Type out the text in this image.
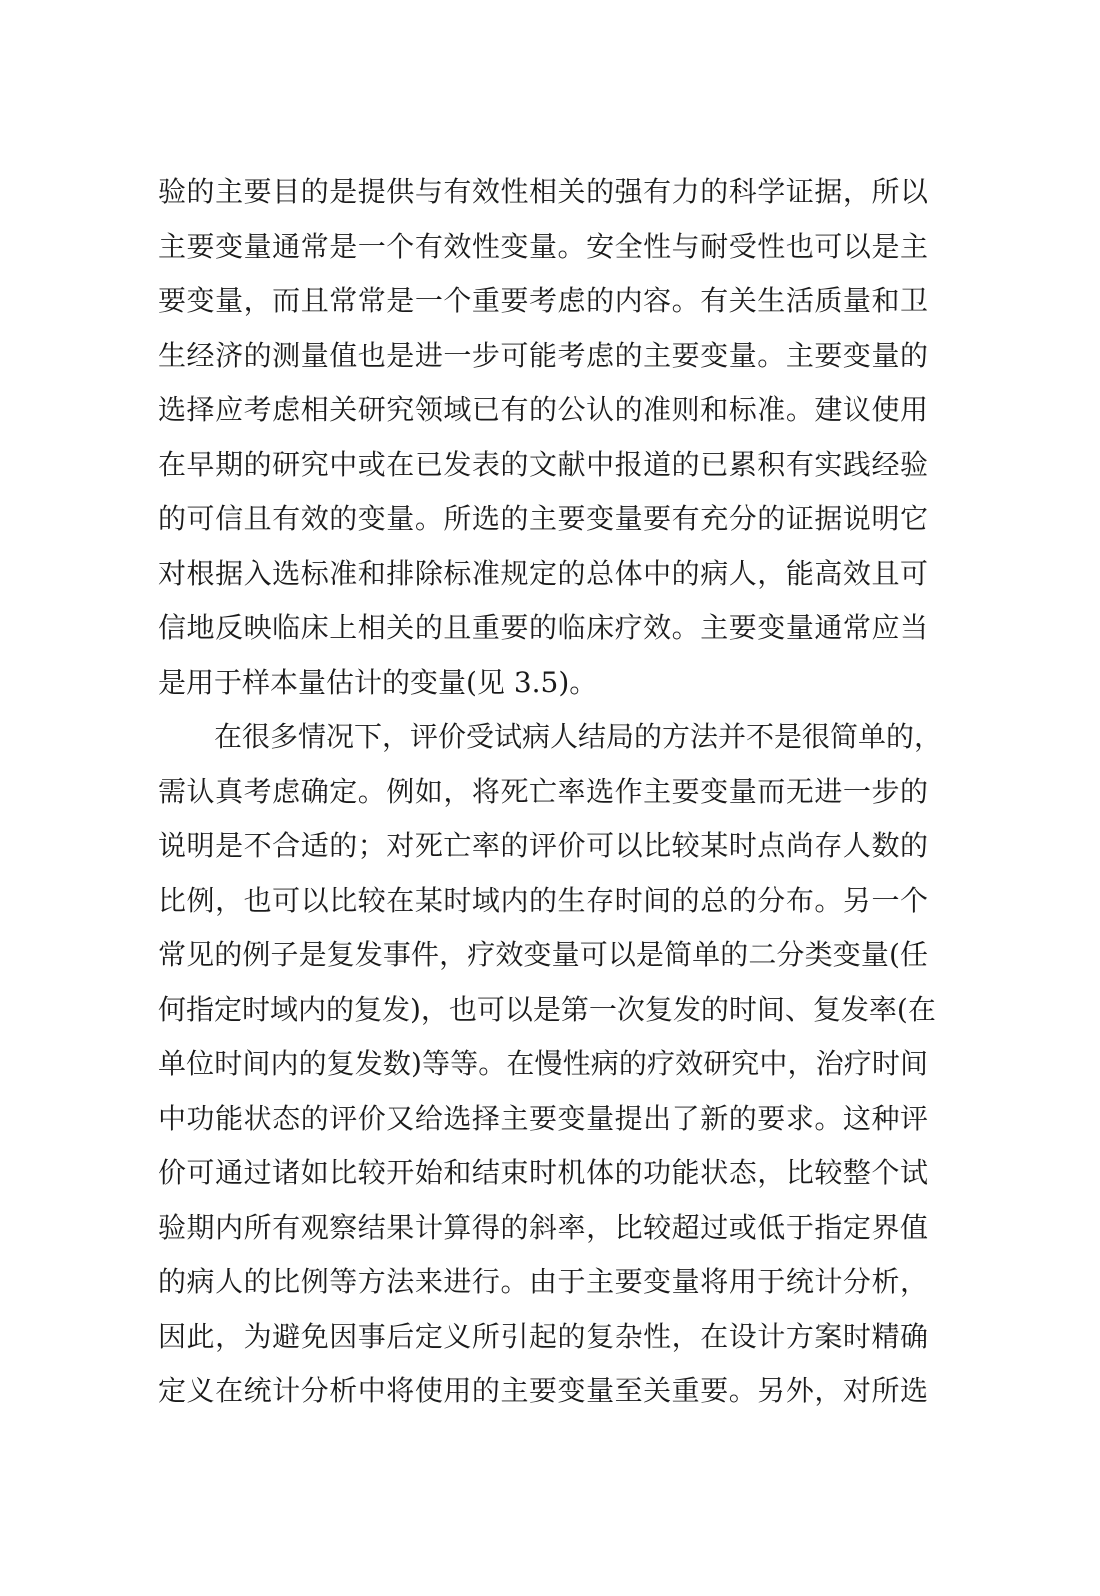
验的主要目的是提供与有效性相关的强有力的科学证据，所以
主要变量通常是一个有效性变量。安全性与耐受性也可以是主
要变量，而且常常是一个重要考虑的内容。有关生活质量和卫
生经济的测量值也是进一步可能考虑的主要变量。主要变量的
选择应考虑相关研究领域已有的公认的准则和标准。建议使用
在早期的研究中或在已发表的文献中报道的已累积有实践经验
的可信且有效的变量。所选的主要变量要有充分的证据说明它
对根据入选标准和排除标准规定的总体中的病人，能高效且可
信地反映临床上相关的且重要的临床疗效。主要变量通常应当
是用于样本量估计的变量(见 3.5)。
在很多情况下，评价受试病人结局的方法并不是很简单的，
需认真考虑确定。例如，将死亡率选作主要变量而无进一步的
说明是不合适的；对死亡率的评价可以比较某时点尚存人数的
比例，也可以比较在某时域内的生存时间的总的分布。另一个
常见的例子是复发事件，疗效变量可以是简单的二分类变量(任
何指定时域内的复发)，也可以是第一次复发的时间、复发率(在
单位时间内的复发数)等等。在慢性病的疗效研究中，治疗时间
中功能状态的评价又给选择主要变量提出了新的要求。这种评
价可通过诸如比较开始和结束时机体的功能状态，比较整个试
验期内所有观察结果计算得的斜率，比较超过或低于指定界值
的病人的比例等方法来进行。由于主要变量将用于统计分析，
因此，为避免因事后定义所引起的复杂性，在设计方案时精确
定义在统计分析中将使用的主要变量至关重要。另外，对所选
